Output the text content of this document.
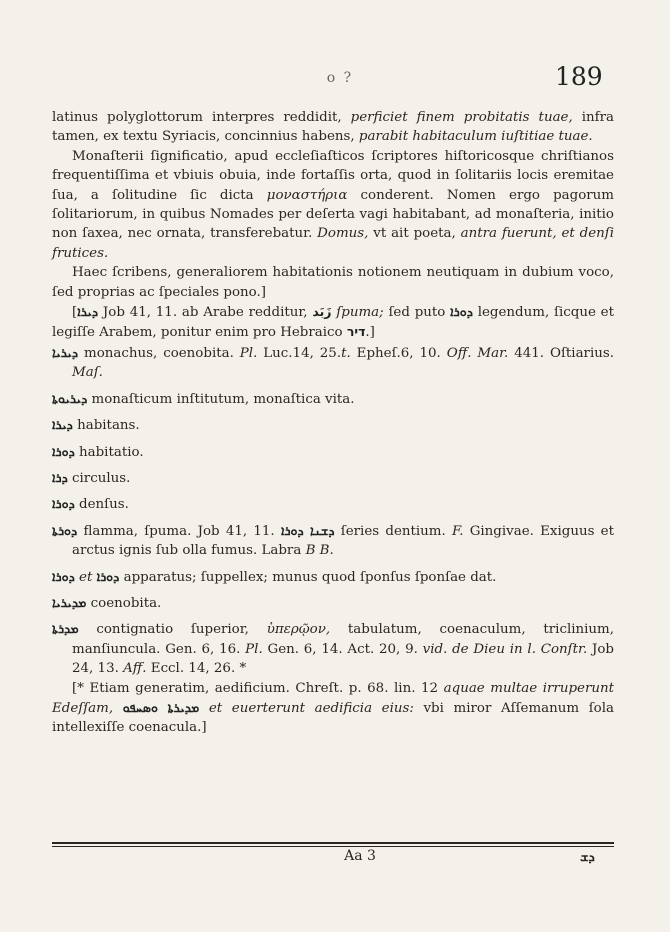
o ?	189

latinus polyglottorum interpres reddidit, perficiet finem probitatis tuae, infra tamen, ex textu Syriacis, concinnius habens, parabit habitaculum iuſtitiae tuae.

Monaſterii ſignificatio, apud eccleſiaſticos ſcriptores hiſtoricosque chriſtianos frequentiſſima et vbiuis obuia, inde fortaſſis orta, quod in ſolitariis locis eremitae ſua, a ſolitudine ſic dicta μοναστήρια conderent. Nomen ergo pagorum ſolitariorum, in quibus Nomades per deſerta vagi habitabant, ad monaſteria, initio non ſaxea, nec ornata, transferebatur. Domus, vt ait poeta, antra fuerunt, et denſi frutices.

Haec ſcribens, generaliorem habitationis notionem neutiquam in dubium voco, ſed proprias ac ſpeciales pono.]

[ܕܝܪܐ Job 41, 11. ab Arabe redditur, زَبَد ſpuma; ſed puto ܕܘܪܐ legendum, ſicque et legiſſe Arabem, ponitur enim pro Hebraico דיר.]

ܕܝܪܝܐ monachus, coenobita. Pl. Luc.14, 25.t. Epheſ.6, 10. Off. Mar. 441. Oſtiarius. Maſ.

ܕܝܪܝܘܬܐ monaſticum inſtitutum, monaſtica vita.

ܕܝܪܐ habitans.

ܕܘܪܐ habitatio.

ܕܪܐ circulus.

ܕܘܪܐ denſus.

ܕܘܪܬܐ flamma, ſpuma. Job 41, 11. ܕܫܢܐ ܕܘܪܐ ſeries dentium. F. Gingivae. Exiguus et arctus ignis ſub olla fumus. Labra B B.

ܕܘܪܐ et ܕܘܪܐ apparatus; ſuppellex; munus quod ſponſus ſponſae dat.

ܡܕܝܪܝܐ coenobita.

ܡܕܪܬܐ contignatio ſuperior, ὑπερῷον, tabulatum, coenaculum, triclinium, manſiuncula. Gen. 6, 16. Pl. Gen. 6, 14. Act. 20, 9. vid. de Dieu in l. Conſtr. Job 24, 13. Aff. Eccl. 14, 26. *

[* Etiam generatim, aedificium. Chreſt. p. 68. lin. 12 aquae multae irruperunt Edeſſam,	ܡܕܝܪܬܐ ܘܣܚܦܘ	et euerterunt aedificia eius: vbi miror Aſſemanum ſola intellexiſſe coenacula.]

Aa 3	ܕܫ
